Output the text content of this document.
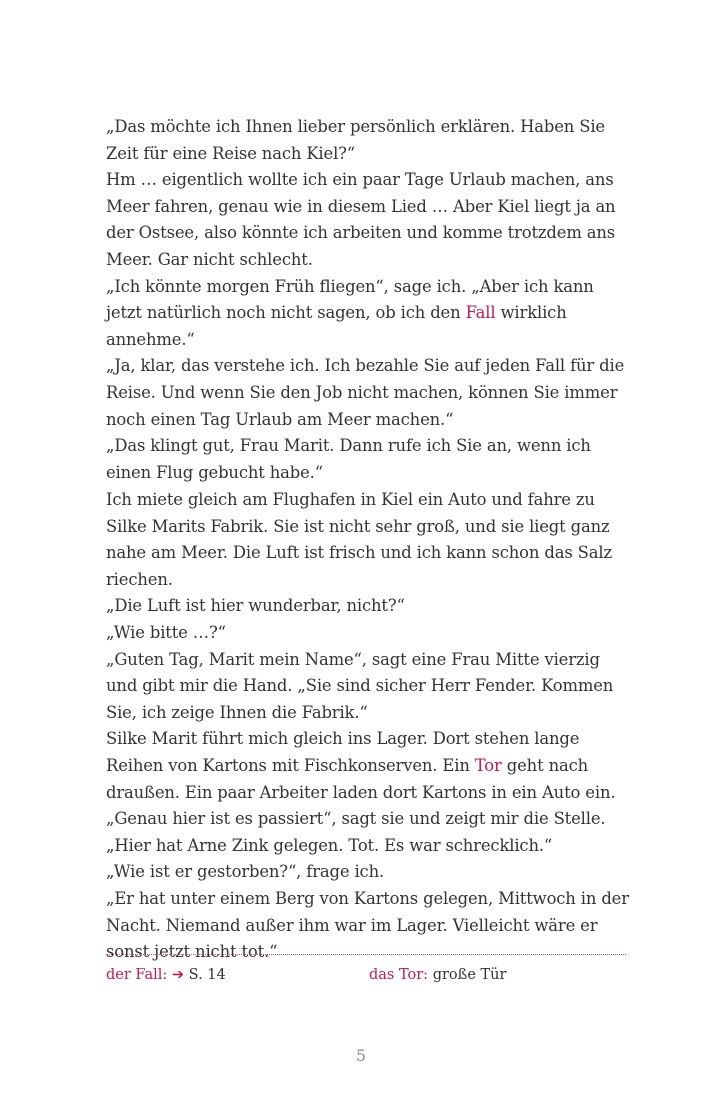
„Das möchte ich Ihnen lieber persönlich erklären. Haben Sie Zeit für eine Reise nach Kiel?“

Hm … eigentlich wollte ich ein paar Tage Urlaub machen, ans Meer fahren, genau wie in diesem Lied … Aber Kiel liegt ja an der Ostsee, also könnte ich arbeiten und komme trotzdem ans Meer. Gar nicht schlecht.

„Ich könnte morgen Früh fliegen“, sage ich. „Aber ich kann jetzt natürlich noch nicht sagen, ob ich den Fall wirklich annehme.“

„Ja, klar, das verstehe ich. Ich bezahle Sie auf jeden Fall für die Reise. Und wenn Sie den Job nicht machen, können Sie immer noch einen Tag Urlaub am Meer machen.“

„Das klingt gut, Frau Marit. Dann rufe ich Sie an, wenn ich einen Flug gebucht habe.“

Ich miete gleich am Flughafen in Kiel ein Auto und fahre zu Silke Marits Fabrik. Sie ist nicht sehr groß, und sie liegt ganz nahe am Meer. Die Luft ist frisch und ich kann schon das Salz riechen.

„Die Luft ist hier wunderbar, nicht?“

„Wie bitte …?“

„Guten Tag, Marit mein Name“, sagt eine Frau Mitte vierzig und gibt mir die Hand. „Sie sind sicher Herr Fender. Kommen Sie, ich zeige Ihnen die Fabrik.“

Silke Marit führt mich gleich ins Lager. Dort stehen lange Reihen von Kartons mit Fischkonserven. Ein Tor geht nach draußen. Ein paar Arbeiter laden dort Kartons in ein Auto ein.

„Genau hier ist es passiert“, sagt sie und zeigt mir die Stelle.

„Hier hat Arne Zink gelegen. Tot. Es war schrecklich.“

„Wie ist er gestorben?“, frage ich.

„Er hat unter einem Berg von Kartons gelegen, Mittwoch in der Nacht. Niemand außer ihm war im Lager. Vielleicht wäre er sonst jetzt nicht tot.“

der Fall: ➔ S. 14	das Tor: große Tür
5
